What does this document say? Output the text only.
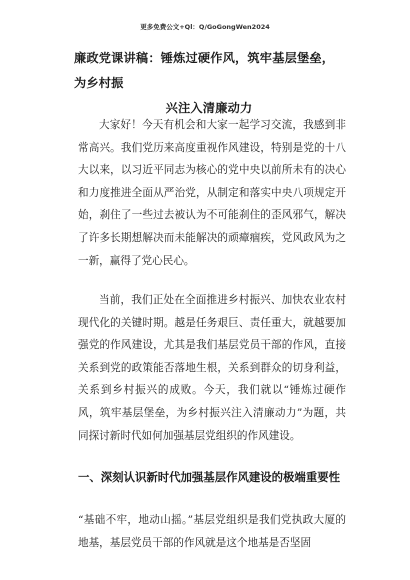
更多免费公文+Ql：Q/GoGongWen2024
廉政党课讲稿：锤炼过硬作风，筑牢基层堡垒，为乡村振
兴注入清廉动力

大家好！今天有机会和大家一起学习交流，我感到非常高兴。我们党历来高度重视作风建设，特别是党的十八大以来，以习近平同志为核心的党中央以前所未有的决心和力度推进全面从严治党，从制定和落实中央八项规定开始，刹住了一些过去被认为不可能刹住的歪风邪气，解决了许多长期想解决而未能解决的顽瘴痼疾，党风政风为之一新，赢得了党心民心。

当前，我们正处在全面推进乡村振兴、加快农业农村现代化的关键时期。越是任务艰巨、责任重大，就越要加强党的作风建设，尤其是我们基层党员干部的作风，直接关系到党的政策能否落地生根，关系到群众的切身利益，关系到乡村振兴的成败。今天，我们就以“锤炼过硬作风，筑牢基层堡垒，为乡村振兴注入清廉动力”为题，共同探讨新时代如何加强基层党组织的作风建设。

一、深刻认识新时代加强基层作风建设的极端重要性

“基础不牢，地动山摇。”基层党组织是我们党执政大厦的地基，基层党员干部的作风就是这个地基是否坚固
